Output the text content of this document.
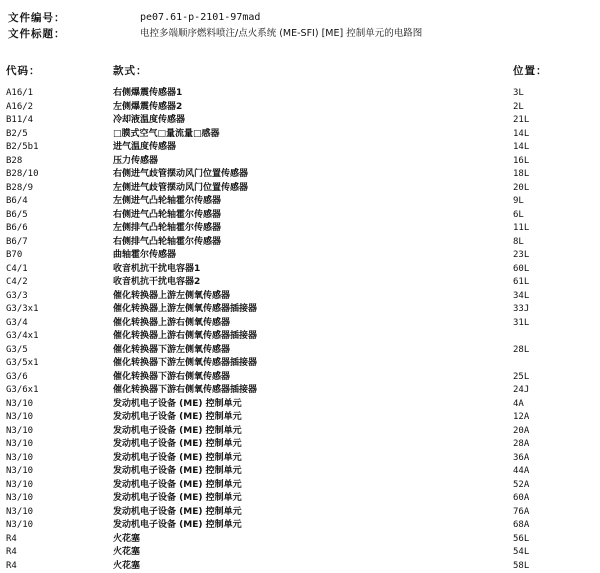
文件编号：	pe07.61-p-2101-97mad
文件标题：	电控多端顺序燃料喷注/点火系统 (ME-SFI) [ME] 控制单元的电路图
代码：	款式：	位置：
A16/1	右侧爆震传感器1	3L
A16/2	左侧爆震传感器2	2L
B11/4	冷却液温度传感器	21L
B2/5	□膜式空气□量流量□感器	14L
B2/5b1	进气温度传感器	14L
B28	压力传感器	16L
B28/10	右侧进气歧管摆动风门位置传感器	18L
B28/9	左侧进气歧管摆动风门位置传感器	20L
B6/4	左侧进气凸轮轴霍尔传感器	9L
B6/5	右侧进气凸轮轴霍尔传感器	6L
B6/6	左侧排气凸轮轴霍尔传感器	11L
B6/7	右侧排气凸轮轴霍尔传感器	8L
B70	曲轴霍尔传感器	23L
C4/1	收音机抗干扰电容器1	60L
C4/2	收音机抗干扰电容器2	61L
G3/3	催化转换器上游左侧氧传感器	34L
G3/3x1	催化转换器上游左侧氧传感器插接器	33J
G3/4	催化转换器上游右侧氧传感器	31L
G3/4x1	催化转换器上游右侧氧传感器插接器
G3/5	催化转换器下游左侧氧传感器	28L
G3/5x1	催化转换器下游左侧氧传感器插接器
G3/6	催化转换器下游右侧氧传感器	25L
G3/6x1	催化转换器下游右侧氧传感器插接器	24J
N3/10	发动机电子设备 (ME) 控制单元	4A
N3/10	发动机电子设备 (ME) 控制单元	12A
N3/10	发动机电子设备 (ME) 控制单元	20A
N3/10	发动机电子设备 (ME) 控制单元	28A
N3/10	发动机电子设备 (ME) 控制单元	36A
N3/10	发动机电子设备 (ME) 控制单元	44A
N3/10	发动机电子设备 (ME) 控制单元	52A
N3/10	发动机电子设备 (ME) 控制单元	60A
N3/10	发动机电子设备 (ME) 控制单元	76A
N3/10	发动机电子设备 (ME) 控制单元	68A
R4	火花塞	56L
R4	火花塞	54L
R4	火花塞	58L
